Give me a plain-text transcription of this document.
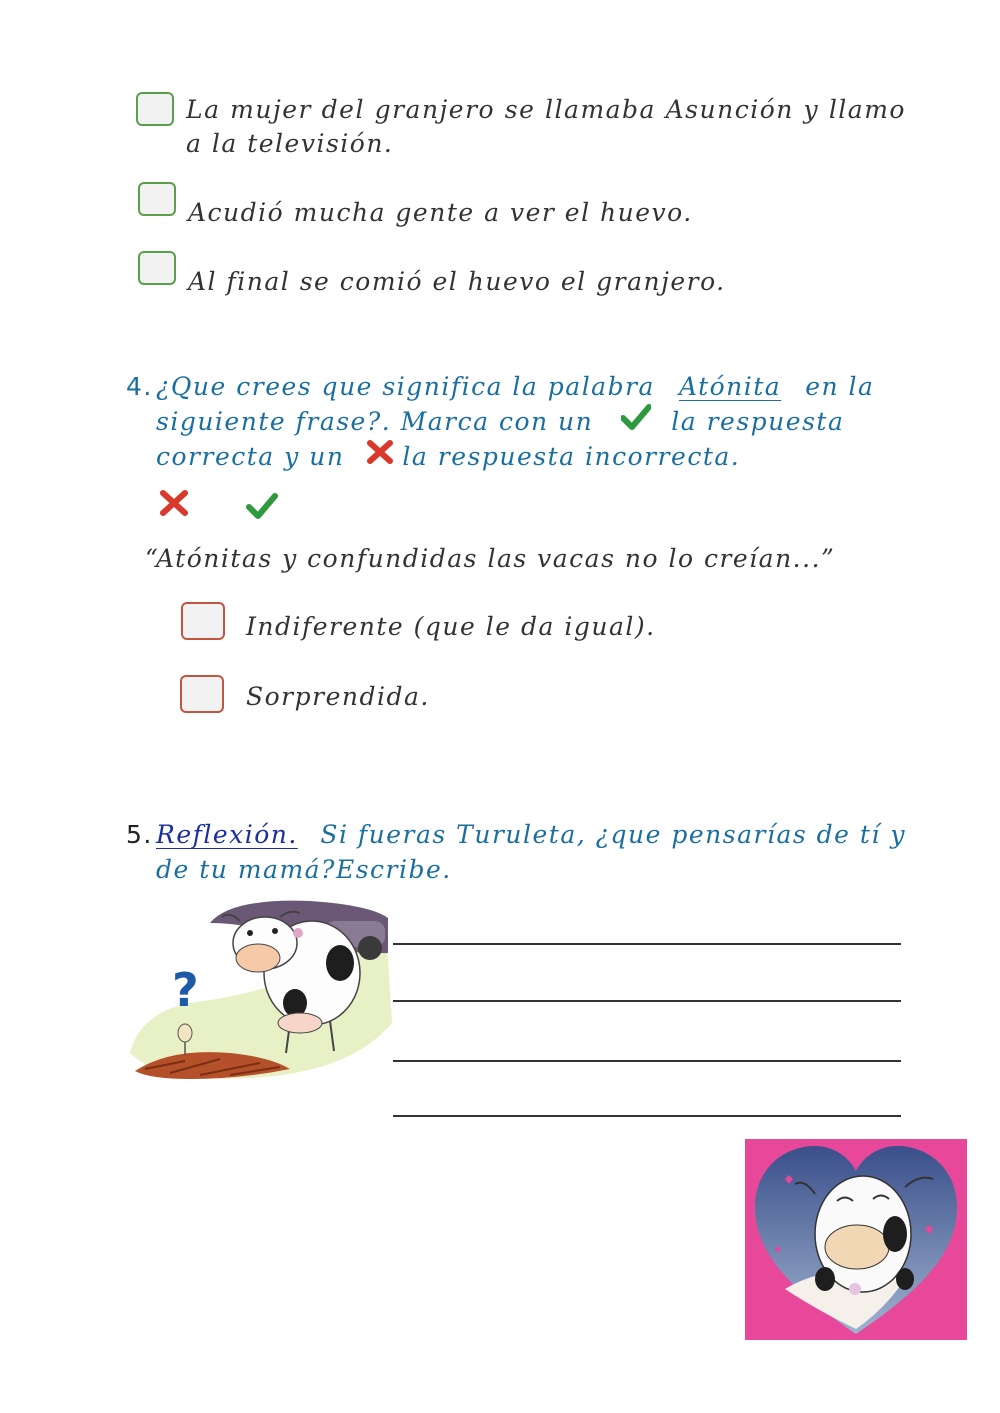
La mujer del granjero se llamaba Asunción y llamo
a la televisión.
Acudió mucha gente a ver el huevo.
Al final se comió el huevo el granjero.
4. ¿Que crees que significa la palabra Atónita en la
siguiente frase?. Marca con un	la respuesta
correcta y un la respuesta incorrecta.
“Atónitas y confundidas las vacas no lo creían...”
Indiferente (que le da igual).
Sorprendida.
5. Reflexión. Si fueras Turuleta, ¿que pensarías de tí y
de tu mamá?Escribe.
?
